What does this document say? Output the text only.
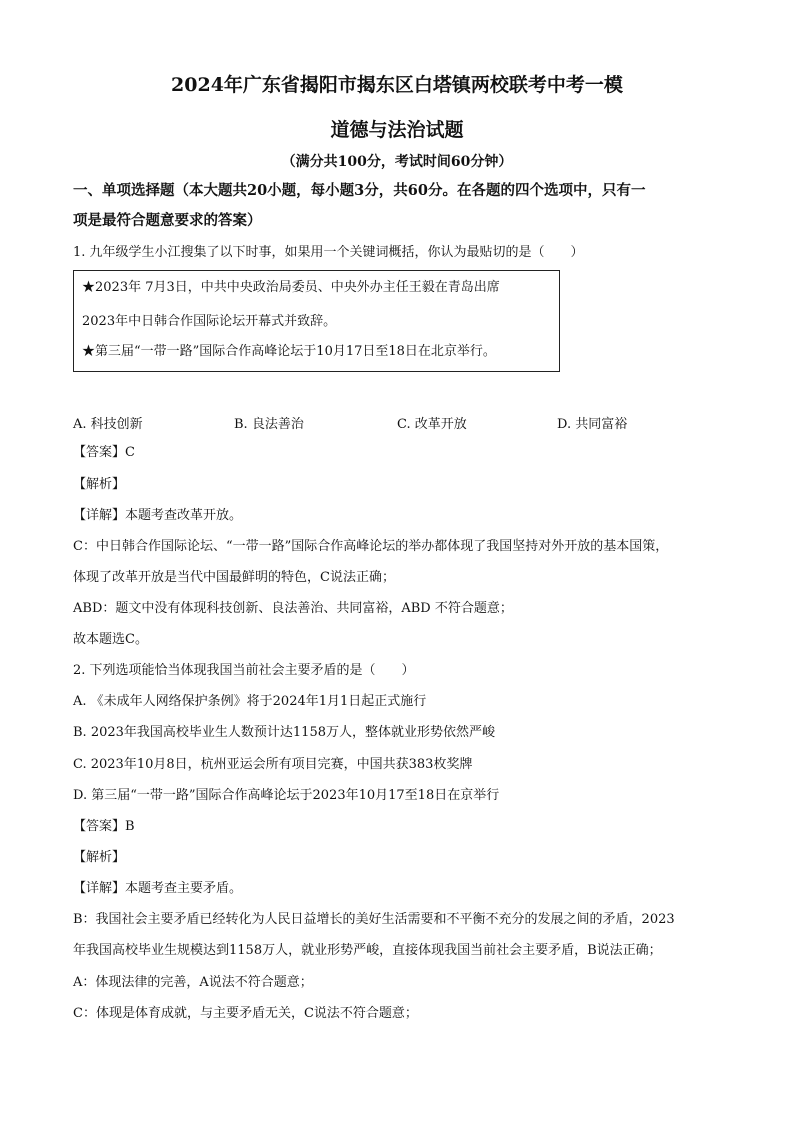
2024年广东省揭阳市揭东区白塔镇两校联考中考一模
道德与法治试题
（满分共100分，考试时间60分钟）
一、单项选择题（本大题共20小题，每小题3分，共60分。在各题的四个选项中，只有一
项是最符合题意要求的答案）
1. 九年级学生小江搜集了以下时事，如果用一个关键词概括，你认为最贴切的是（　　）
★2023年 7月3日，中共中央政治局委员、中央外办主任王毅在青岛出席
2023年中日韩合作国际论坛开幕式并致辞。
★第三届“一带一路”国际合作高峰论坛于10月17日至18日在北京举行。
A. 科技创新	B. 良法善治	C. 改革开放	D. 共同富裕
【答案】C
【解析】
【详解】本题考查改革开放。
C：中日韩合作国际论坛、“一带一路”国际合作高峰论坛的举办都体现了我国坚持对外开放的基本国策，
体现了改革开放是当代中国最鲜明的特色，C说法正确；
ABD：题文中没有体现科技创新、良法善治、共同富裕，ABD 不符合题意；
故本题选C。
2. 下列选项能恰当体现我国当前社会主要矛盾的是（　　）
A. 《未成年人网络保护条例》将于2024年1月1日起正式施行
B. 2023年我国高校毕业生人数预计达1158万人，整体就业形势依然严峻
C. 2023年10月8日，杭州亚运会所有项目完赛，中国共获383枚奖牌
D. 第三届“一带一路”国际合作高峰论坛于2023年10月17至18日在京举行
【答案】B
【解析】
【详解】本题考查主要矛盾。
B：我国社会主要矛盾已经转化为人民日益增长的美好生活需要和不平衡不充分的发展之间的矛盾，2023
年我国高校毕业生规模达到1158万人，就业形势严峻，直接体现我国当前社会主要矛盾，B说法正确；
A：体现法律的完善，A说法不符合题意；
C：体现是体育成就，与主要矛盾无关，C说法不符合题意；
